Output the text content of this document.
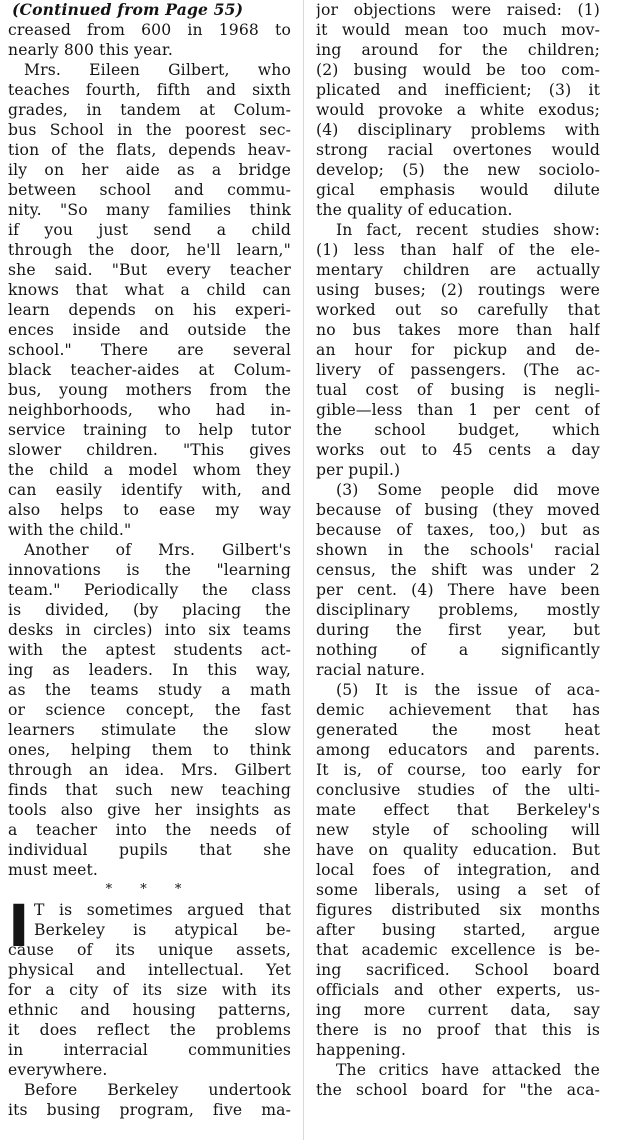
(Continued from Page 55)
creased from 600 in 1968 to
nearly 800 this year.
Mrs. Eileen Gilbert, who
teaches fourth, fifth and sixth
grades, in tandem at Colum-
bus School in the poorest sec-
tion of the flats, depends heav-
ily on her aide as a bridge
between school and commu-
nity. "So many families think
if you just send a child
through the door, he'll learn,"
she said. "But every teacher
knows that what a child can
learn depends on his experi-
ences inside and outside the
school." There are several
black teacher-aides at Colum-
bus, young mothers from the
neighborhoods, who had in-
service training to help tutor
slower children. "This gives
the child a model whom they
can easily identify with, and
also helps to ease my way
with the child."
Another of Mrs. Gilbert's
innovations is the "learning
team." Periodically the class
is divided, (by placing the
desks in circles) into six teams
with the aptest students act-
ing as leaders. In this way,
as the teams study a math
or science concept, the fast
learners stimulate the slow
ones, helping them to think
through an idea. Mrs. Gilbert
finds that such new teaching
tools also give her insights as
a teacher into the needs of
individual pupils that she
must meet.
* * *
I T is sometimes argued that
Berkeley is atypical be-
cause of its unique assets,
physical and intellectual. Yet
for a city of its size with its
ethnic and housing patterns,
it does reflect the problems
in interracial communities
everywhere.
Before Berkeley undertook
its busing program, five ma-
jor objections were raised: (1)
it would mean too much mov-
ing around for the children;
(2) busing would be too com-
plicated and inefficient; (3) it
would provoke a white exodus;
(4) disciplinary problems with
strong racial overtones would
develop; (5) the new sociolo-
gical emphasis would dilute
the quality of education.
In fact, recent studies show:
(1) less than half of the ele-
mentary children are actually
using buses; (2) routings were
worked out so carefully that
no bus takes more than half
an hour for pickup and de-
livery of passengers. (The ac-
tual cost of busing is negli-
gible—less than 1 per cent of
the school budget, which
works out to 45 cents a day
per pupil.)
(3) Some people did move
because of busing (they moved
because of taxes, too,) but as
shown in the schools' racial
census, the shift was under 2
per cent. (4) There have been
disciplinary problems, mostly
during the first year, but
nothing of a significantly
racial nature.
(5) It is the issue of aca-
demic achievement that has
generated the most heat
among educators and parents.
It is, of course, too early for
conclusive studies of the ulti-
mate effect that Berkeley's
new style of schooling will
have on quality education. But
local foes of integration, and
some liberals, using a set of
figures distributed six months
after busing started, argue
that academic excellence is be-
ing sacrificed. School board
officials and other experts, us-
ing more current data, say
there is no proof that this is
happening.
The critics have attacked the
the school board for "the aca-
